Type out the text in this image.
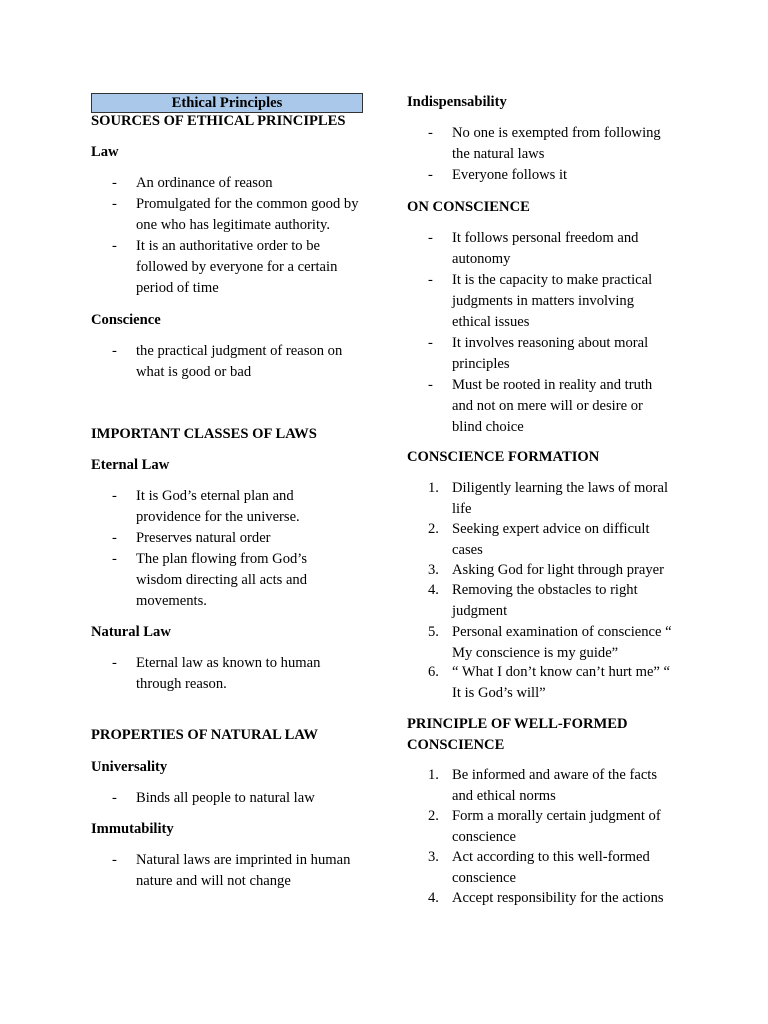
Ethical Principles
SOURCES OF ETHICAL PRINCIPLES
Law
- An ordinance of reason
- Promulgated for the common good by one who has legitimate authority.
- It is an authoritative order to be followed by everyone for a certain period of time
Conscience
- the practical judgment of reason on what is good or bad
IMPORTANT CLASSES OF LAWS
Eternal Law
- It is God’s eternal plan and providence for the universe.
- Preserves natural order
- The plan flowing from God’s wisdom directing all acts and movements.
Natural Law
- Eternal law as known to human through reason.
PROPERTIES OF NATURAL LAW
Universality
- Binds all people to natural law
Immutability
- Natural laws are imprinted in human nature and will not change
Indispensability
- No one is exempted from following the natural laws
- Everyone follows it
ON CONSCIENCE
- It follows personal freedom and autonomy
- It is the capacity to make practical judgments in matters involving ethical issues
- It involves reasoning about moral principles
- Must be rooted in reality and truth and not on mere will or desire or blind choice
CONSCIENCE FORMATION
1. Diligently learning the laws of moral life
2. Seeking expert advice on difficult cases
3. Asking God for light through prayer
4. Removing the obstacles to right judgment
5. Personal examination of conscience “ My conscience is my guide”
6. “ What I don’t know can’t hurt me” “ It is God’s will”
PRINCIPLE OF WELL-FORMED CONSCIENCE
1. Be informed and aware of the facts and ethical norms
2. Form a morally certain judgment of conscience
3. Act according to this well-formed conscience
4. Accept responsibility for the actions
